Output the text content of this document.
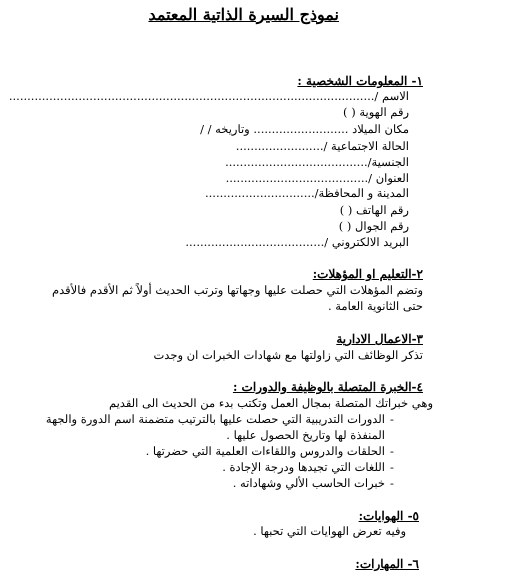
نموذج السيرة الذاتية المعتمد
١- المعلومات الشخصية :
الاسم /....................................................................................................
رقم الهوية ( )
مكان الميلاد .......................... وتاريخه / /
الحالة الاجتماعية /........................
الجنسية/.......................................
العنوان /.......................................
المدينة و المحافظة/..............................
رقم الهاتف ( )
رقم الجوال ( )
البريد الالكتروني /......................................
٢-التعليم او المؤهلات:
وتضم المؤهلات التي حصلت عليها وجهاتها وترتب الحديث أولاً ثم الأقدم فالأقدم
حتى الثانوية العامة .
٣-الاعمال الادارية
تذكر الوظائف التي زاولتها مع شهادات الخبرات ان وجدت
٤-الخبرة المتصلة بالوظيفة والدورات :
وهي خبراتك المتصلة بمجال العمل وتكتب بدء من الحديث الى القديم
-
الدورات التدريبية التي حصلت عليها بالترتيب متضمنة اسم الدورة والجهة
المنفذة لها وتاريخ الحصول عليها .
-
الحلقات والدروس واللقاءات العلمية التي حضرتها .
-
اللغات التي تجيدها ودرجة الإجادة .
-
خبرات الحاسب الألي وشهاداته .
٥- الهوايات:
وفيه تعرض الهوايات التي تحبها .
٦- المهارات:
